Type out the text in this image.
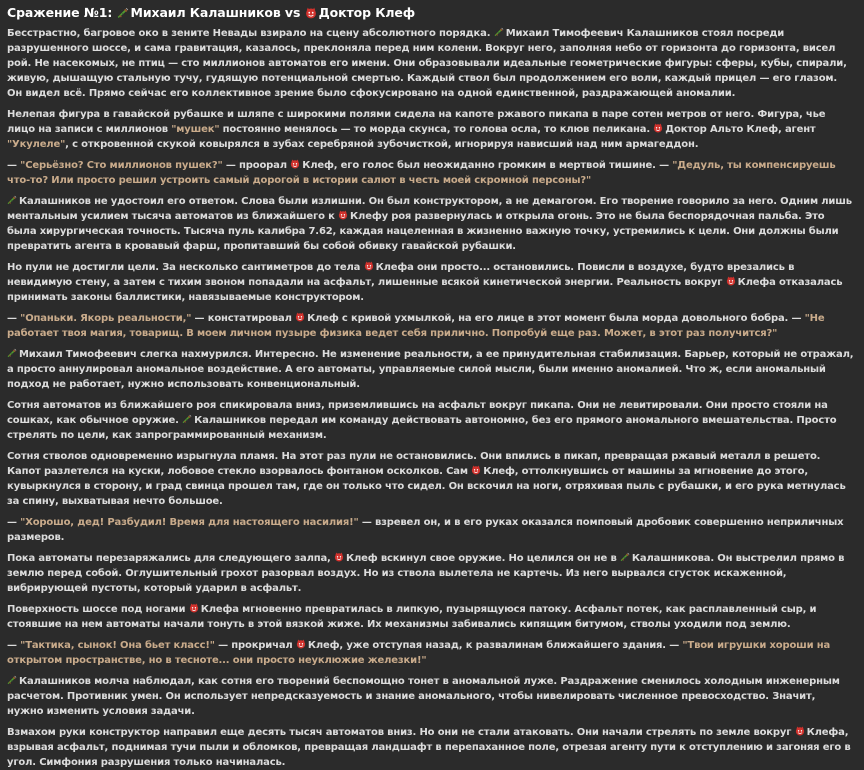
Сражение №1:
Михаил Калашников vs
Доктор Клеф

Бесстрастно, багровое око в зените Невады взирало на сцену абсолютного порядка.
Михаил Тимофеевич Калашников стоял посреди разрушенного шоссе, и сама гравитация, казалось, преклоняла перед ним колени. Вокруг него, заполняя небо от горизонта до горизонта, висел рой. Не насекомых, не птиц — сто миллионов автоматов его имени. Они образовывали идеальные геометрические фигуры: сферы, кубы, спирали, живую, дышащую стальную тучу, гудящую потенциальной смертью. Каждый ствол был продолжением его воли, каждый прицел — его глазом. Он видел всё. Прямо сейчас его коллективное зрение было сфокусировано на одной единственной, раздражающей аномалии.

Нелепая фигура в гавайской рубашке и шляпе с широкими полями сидела на капоте ржавого пикапа в паре сотен метров от него. Фигура, чье лицо на записи с миллионов "мушек" постоянно менялось — то морда скунса, то голова осла, то клюв пеликана.
Доктор Альто Клеф, агент "Укулеле", с откровенной скукой ковырялся в зубах серебряной зубочисткой, игнорируя нависший над ним армагеддон.

— "Серьёзно? Сто миллионов пушек?" — проорал
Клеф, его голос был неожиданно громким в мертвой тишине. — "Дедуль, ты компенсируешь что-то? Или просто решил устроить самый дорогой в истории салют в честь моей скромной персоны?"

Калашников не удостоил его ответом. Слова были излишни. Он был конструктором, а не демагогом. Его творение говорило за него. Одним лишь ментальным усилием тысяча автоматов из ближайшего к
Клефу роя развернулась и открыла огонь. Это не была беспорядочная пальба. Это была хирургическая точность. Тысяча пуль калибра 7.62, каждая нацеленная в жизненно важную точку, устремились к цели. Они должны были превратить агента в кровавый фарш, пропитавший бы собой обивку гавайской рубашки.

Но пули не достигли цели. За несколько сантиметров до тела
Клефа они просто... остановились. Повисли в воздухе, будто врезались в невидимую стену, а затем с тихим звоном попадали на асфальт, лишенные всякой кинетической энергии. Реальность вокруг
Клефа отказалась принимать законы баллистики, навязываемые конструктором.

— "Опаньки. Якорь реальности," — констатировал
Клеф с кривой ухмылкой, на его лице в этот момент была морда довольного бобра. — "Не работает твоя магия, товарищ. В моем личном пузыре физика ведет себя прилично. Попробуй еще раз. Может, в этот раз получится?"

Михаил Тимофеевич слегка нахмурился. Интересно. Не изменение реальности, а ее принудительная стабилизация. Барьер, который не отражал, а просто аннулировал аномальное воздействие. А его автоматы, управляемые силой мысли, были именно аномалией. Что ж, если аномальный подход не работает, нужно использовать конвенциональный.

Сотня автоматов из ближайшего роя спикировала вниз, приземлившись на асфальт вокруг пикапа. Они не левитировали. Они просто стояли на сошках, как обычное оружие.
Калашников передал им команду действовать автономно, без его прямого аномального вмешательства. Просто стрелять по цели, как запрограммированный механизм.

Сотня стволов одновременно изрыгнула пламя. На этот раз пули не остановились. Они впились в пикап, превращая ржавый металл в решето. Капот разлетелся на куски, лобовое стекло взорвалось фонтаном осколков. Сам
Клеф, оттолкнувшись от машины за мгновение до этого, кувыркнулся в сторону, и град свинца прошел там, где он только что сидел. Он вскочил на ноги, отряхивая пыль с рубашки, и его рука метнулась за спину, выхватывая нечто большое.

— "Хорошо, дед! Разбудил! Время для настоящего насилия!" — взревел он, и в его руках оказался помповый дробовик совершенно неприличных размеров.

Пока автоматы перезаряжались для следующего залпа,
Клеф вскинул свое оружие. Но целился он не в
Калашникова. Он выстрелил прямо в землю перед собой. Оглушительный грохот разорвал воздух. Но из ствола вылетела не картечь. Из него вырвался сгусток искаженной, вибрирующей пустоты, который ударил в асфальт.

Поверхность шоссе под ногами
Клефа мгновенно превратилась в липкую, пузырящуюся патоку. Асфальт потек, как расплавленный сыр, и стоявшие на нем автоматы начали тонуть в этой вязкой жиже. Их механизмы забивались кипящим битумом, стволы уходили под землю.

— "Тактика, сынок! Она бьет класс!" — прокричал
Клеф, уже отступая назад, к развалинам ближайшего здания. — "Твои игрушки хороши на открытом пространстве, но в тесноте... они просто неуклюжие железки!"

Калашников молча наблюдал, как сотня его творений беспомощно тонет в аномальной луже. Раздражение сменилось холодным инженерным расчетом. Противник умен. Он использует непредсказуемость и знание аномального, чтобы нивелировать численное превосходство. Значит, нужно изменить условия задачи.

Взмахом руки конструктор направил еще десять тысяч автоматов вниз. Но они не стали атаковать. Они начали стрелять по земле вокруг
Клефа, взрывая асфальт, поднимая тучи пыли и обломков, превращая ландшафт в перепаханное поле, отрезая агенту пути к отступлению и загоняя его в угол. Симфония разрушения только начиналась.
